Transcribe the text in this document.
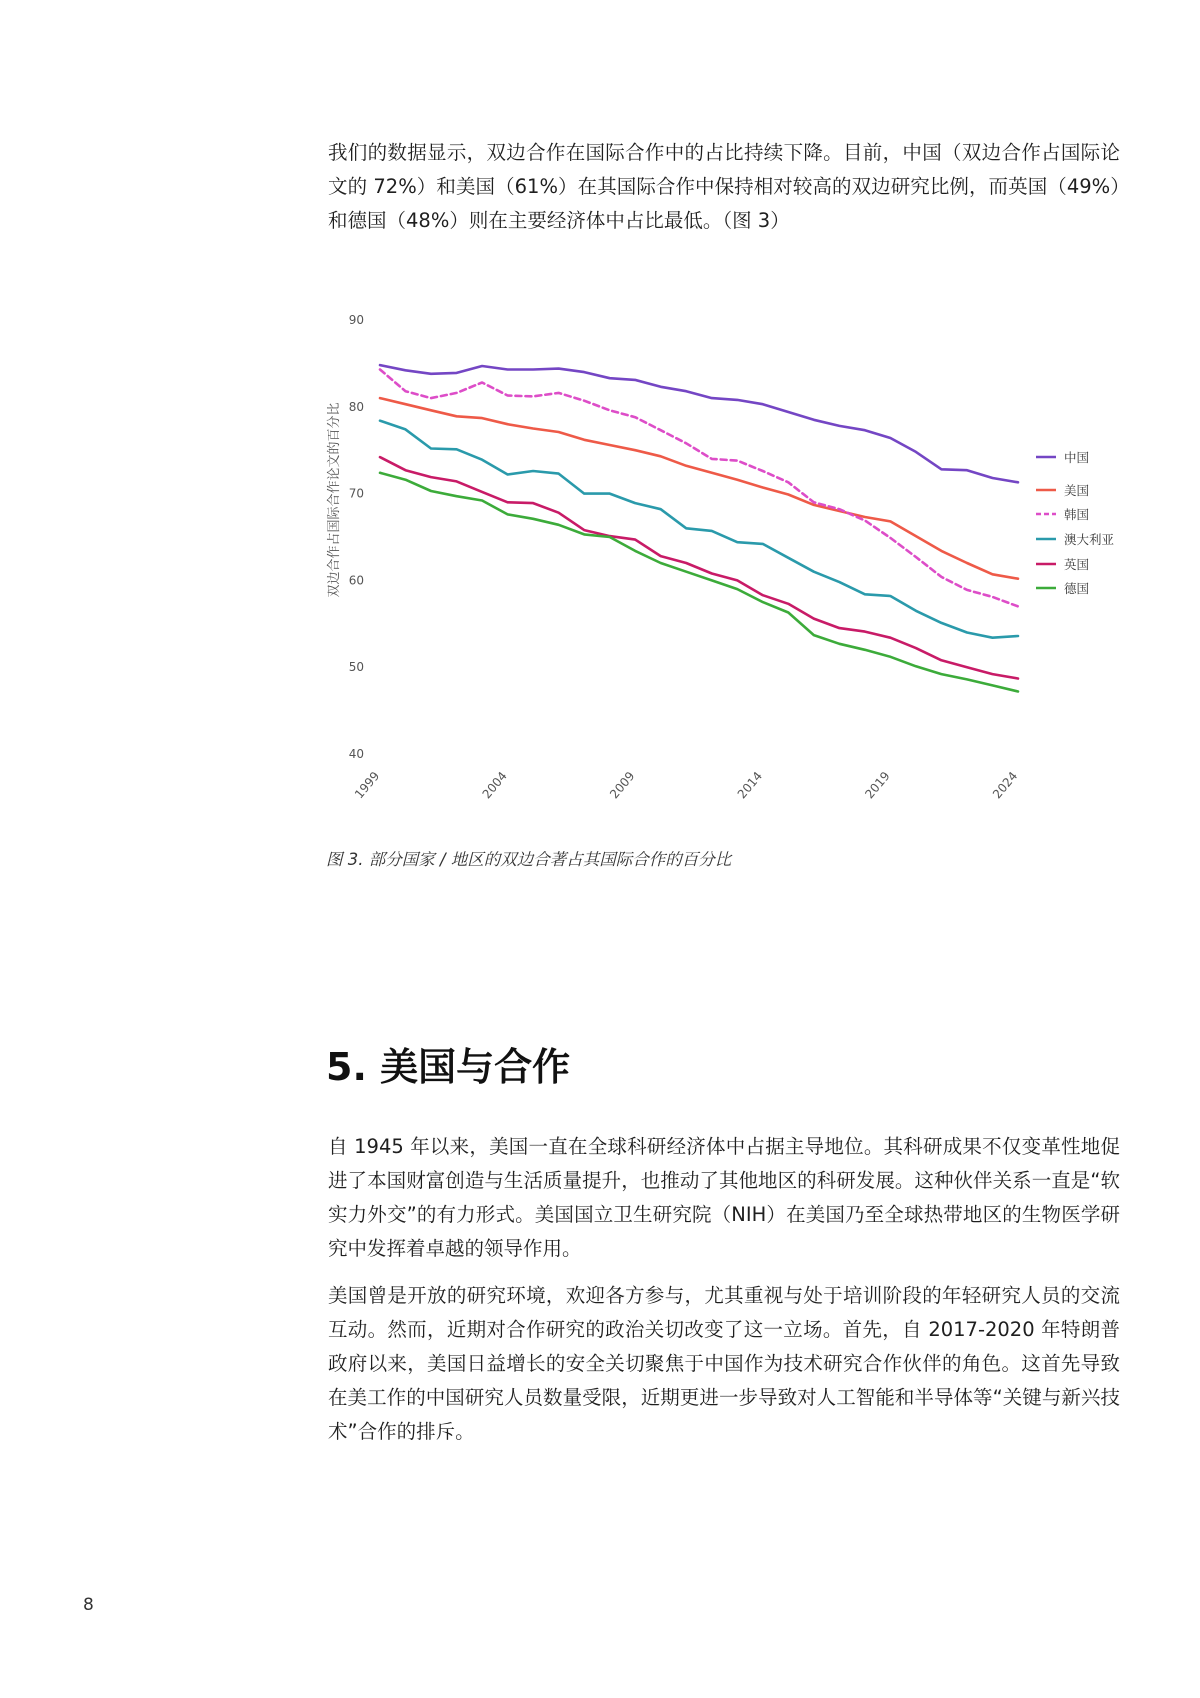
我们的数据显示，双边合作在国际合作中的占比持续下降。目前，中国（双边合作占国际论文的 72%）和美国（61%）在其国际合作中保持相对较高的双边研究比例，而英国（49%）和德国（48%）则在主要经济体中占比最低。（图 3）

40
50
60
70
80
90
1999	2004	2009	2014	2019	2024
双边合作占国际合作论文的百分比	中国
美国
韩国
澳大利亚
英国
德国
图 3. 部分国家 / 地区的双边合著占其国际合作的百分比
5. 美国与合作

自 1945 年以来，美国一直在全球科研经济体中占据主导地位。其科研成果不仅变革性地促进了本国财富创造与生活质量提升，也推动了其他地区的科研发展。这种伙伴关系一直是“软实力外交”的有力形式。美国国立卫生研究院（NIH）在美国乃至全球热带地区的生物医学研究中发挥着卓越的领导作用。

美国曾是开放的研究环境，欢迎各方参与，尤其重视与处于培训阶段的年轻研究人员的交流互动。然而，近期对合作研究的政治关切改变了这一立场。首先，自 2017-2020 年特朗普政府以来，美国日益增长的安全关切聚焦于中国作为技术研究合作伙伴的角色。这首先导致在美工作的中国研究人员数量受限，近期更进一步导致对人工智能和半导体等“关键与新兴技术”合作的排斥。

8
